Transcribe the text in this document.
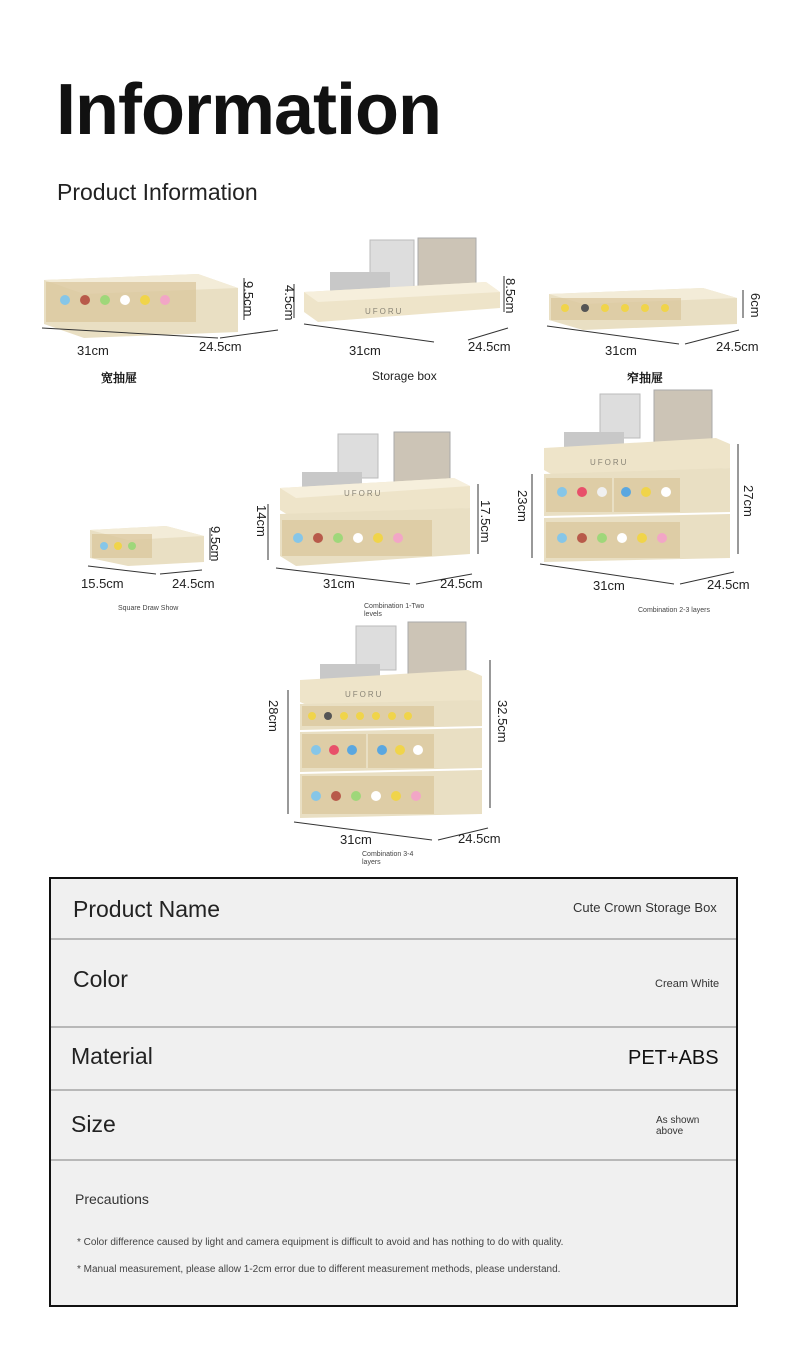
Information
Product Information
31cm	24.5cm
9.5cm
宽抽屉
UFORU
31cm	24.5cm
4.5cm	8.5cm
Storage box
31cm	24.5cm
6cm
窄抽屉
15.5cm	24.5cm
9.5cm
Square Draw Show
UFORU
31cm	24.5cm
14cm	17.5cm
Combination 1-Two levels
UFORU
31cm	24.5cm
23cm	27cm
Combination 2-3 layers
UFORU
31cm	24.5cm
28cm	32.5cm
Combination 3-4 layers
Product Name	Cute Crown Storage Box
Color	Cream White
Material	PET+ABS
Size	As shown above
Precautions
* Color difference caused by light and camera equipment is difficult to avoid and has nothing to do with quality.
* Manual measurement, please allow 1-2cm error due to different measurement methods, please understand.
